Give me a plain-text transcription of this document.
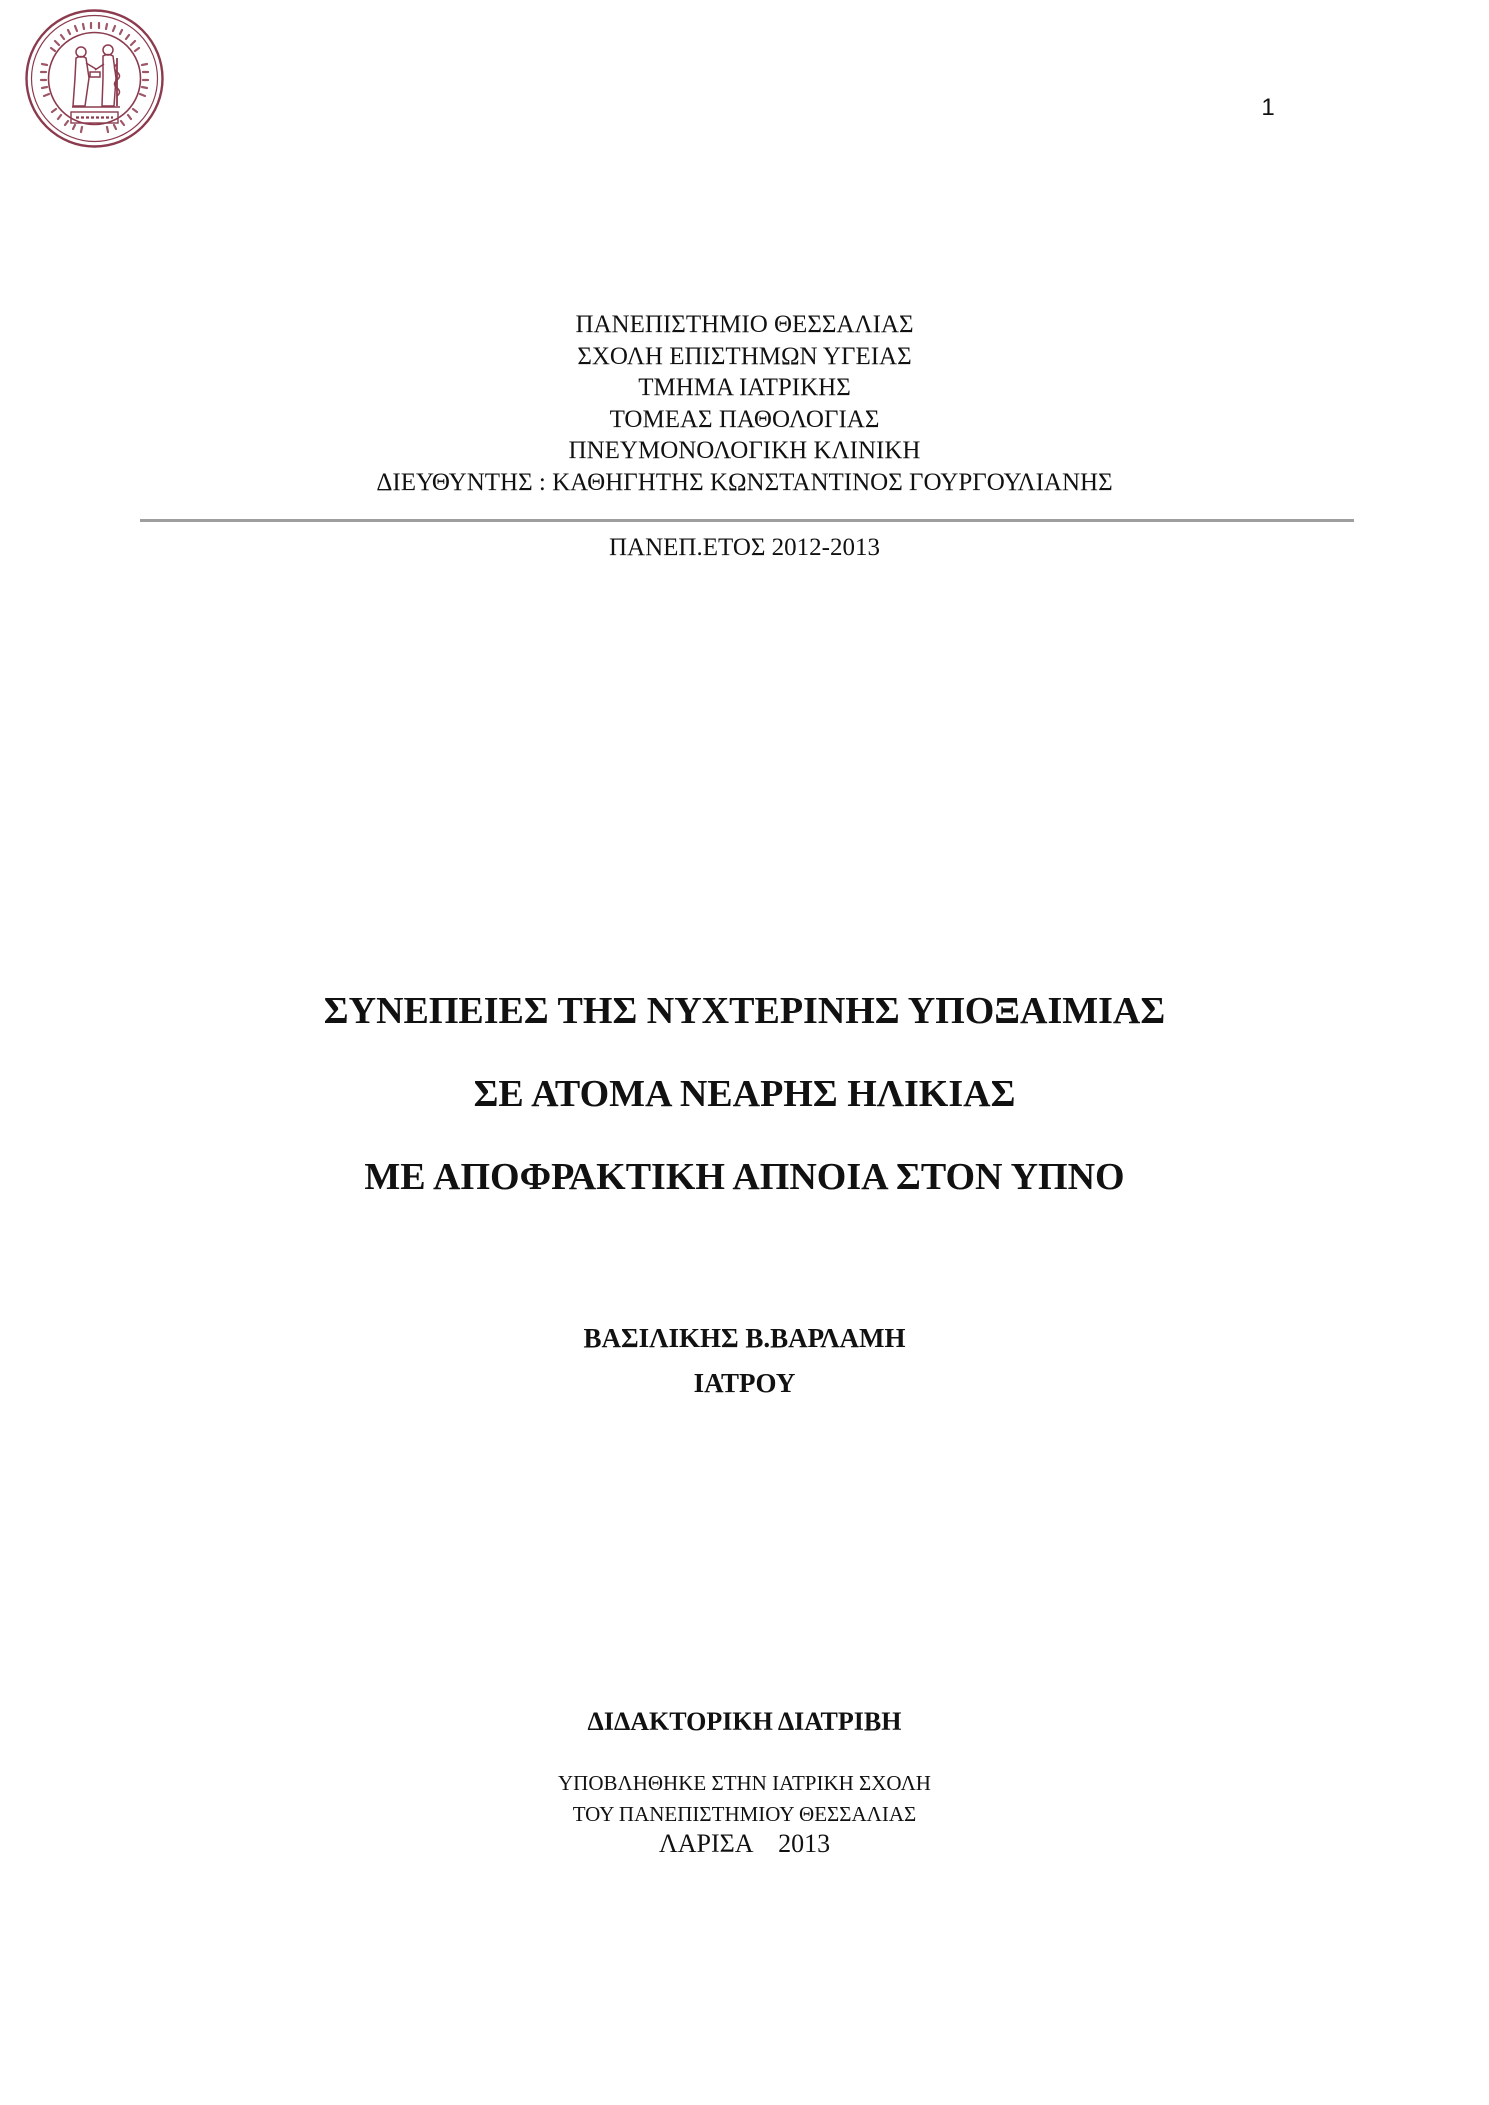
1
ΠΑΝΕΠΙΣΤΗΜΙΟ ΘΕΣΣΑΛΙΑΣ
ΣΧΟΛΗ ΕΠΙΣΤΗΜΩΝ ΥΓΕΙΑΣ
ΤΜΗΜΑ ΙΑΤΡΙΚΗΣ
ΤΟΜΕΑΣ ΠΑΘΟΛΟΓΙΑΣ
ΠΝΕΥΜΟΝΟΛΟΓΙΚΗ ΚΛΙΝΙΚΗ
ΔΙΕΥΘΥΝΤΗΣ : ΚΑΘΗΓΗΤΗΣ ΚΩΝΣΤΑΝΤΙΝΟΣ ΓΟΥΡΓΟΥΛΙΑΝΗΣ
ΠΑΝΕΠ.ΕΤΟΣ 2012-2013
ΣΥΝΕΠΕΙΕΣ ΤΗΣ ΝΥΧΤΕΡΙΝΗΣ ΥΠΟΞΑΙΜΙΑΣ
ΣΕ ΑΤΟΜΑ ΝΕΑΡΗΣ ΗΛΙΚΙΑΣ
ΜΕ ΑΠΟΦΡΑΚΤΙΚΗ ΑΠΝΟΙΑ ΣΤΟΝ ΥΠΝΟ
ΒΑΣΙΛΙΚΗΣ Β.ΒΑΡΛΑΜΗ
ΙΑΤΡΟΥ
ΔΙΔΑΚΤΟΡΙΚΗ ΔΙΑΤΡΙΒΗ
ΥΠΟΒΛΗΘΗΚΕ ΣΤΗΝ ΙΑΤΡΙΚΗ ΣΧΟΛΗ
ΤΟΥ ΠΑΝΕΠΙΣΤΗΜΙΟΥ ΘΕΣΣΑΛΙΑΣ
ΛΑΡΙΣΑ    2013
